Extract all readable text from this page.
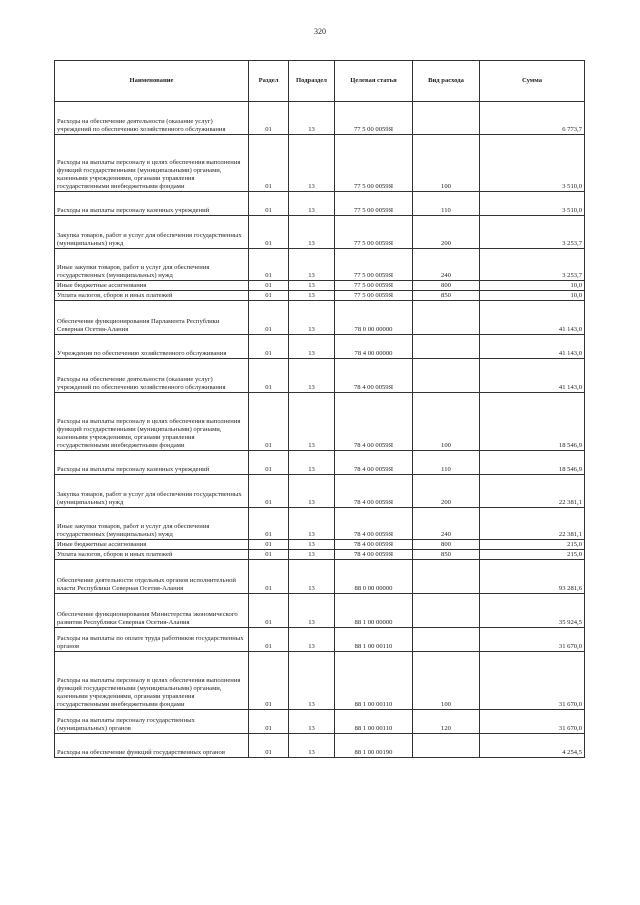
320
Наименование	Раздел	Подраздел	Целевая статья	Вид расхода	Сумма
Расходы на обеспечение деятельности (оказание услуг) учреждений по обеспечению хозяйственного обслуживания	01	13	77 5 00 0059Я		6 773,7
Расходы на выплаты персоналу в целях обеспечения выполнения функций государственными (муниципальными) органами, казенными учреждениями, органами управления государственными внебюджетными фондами	01	13	77 5 00 0059Я	100	3 510,0
Расходы на выплаты персоналу казенных учреждений	01	13	77 5 00 0059Я	110	3 510,0
Закупка товаров, работ и услуг для обеспечения государственных (муниципальных) нужд	01	13	77 5 00 0059Я	200	3 253,7
Иные закупки товаров, работ и услуг для обеспечения государственных (муниципальных) нужд	01	13	77 5 00 0059Я	240	3 253,7
Иные бюджетные ассигнования	01	13	77 5 00 0059Я	800	10,0
Уплата налогов, сборов и иных платежей	01	13	77 5 00 0059Я	850	10,0
Обеспечение функционирования Парламента Республики Северная Осетия-Алания	01	13	78 0 00 00000		41 143,0
Учреждения по обеспечению хозяйственного обслуживания	01	13	78 4 00 00000		41 143,0
Расходы на обеспечение деятельности (оказание услуг) учреждений по обеспечению хозяйственного обслуживания	01	13	78 4 00 0059Я		41 143,0
Расходы на выплаты персоналу в целях обеспечения выполнения функций государственными (муниципальными) органами, казенными учреждениями, органами управления государственными внебюджетными фондами	01	13	78 4 00 0059Я	100	18 546,9
Расходы на выплаты персоналу казенных учреждений	01	13	78 4 00 0059Я	110	18 546,9
Закупка товаров, работ и услуг для обеспечения государственных (муниципальных) нужд	01	13	78 4 00 0059Я	200	22 381,1
Иные закупки товаров, работ и услуг для обеспечения государственных (муниципальных) нужд	01	13	78 4 00 0059Я	240	22 381,1
Иные бюджетные ассигнования	01	13	78 4 00 0059Я	800	215,0
Уплата налогов, сборов и иных платежей	01	13	78 4 00 0059Я	850	215,0
Обеспечение деятельности отдельных органов исполнительной власти Республики Северная Осетия-Алания	01	13	88 0 00 00000		93 281,6
Обеспечение функционирования Министерства экономического развития Республики Северная Осетия-Алания	01	13	88 1 00 00000		35 924,5
Расходы на выплаты по оплате труда работников государственных органов	01	13	88 1 00 00110		31 670,0
Расходы на выплаты персоналу в целях обеспечения выполнения функций государственными (муниципальными) органами, казенными учреждениями, органами управления государственными внебюджетными фондами	01	13	88 1 00 00110	100	31 670,0
Расходы на выплаты персоналу государственных (муниципальных) органов	01	13	88 1 00 00110	120	31 670,0
Расходы на обеспечение функций государственных органов	01	13	88 1 00 00190		4 254,5
